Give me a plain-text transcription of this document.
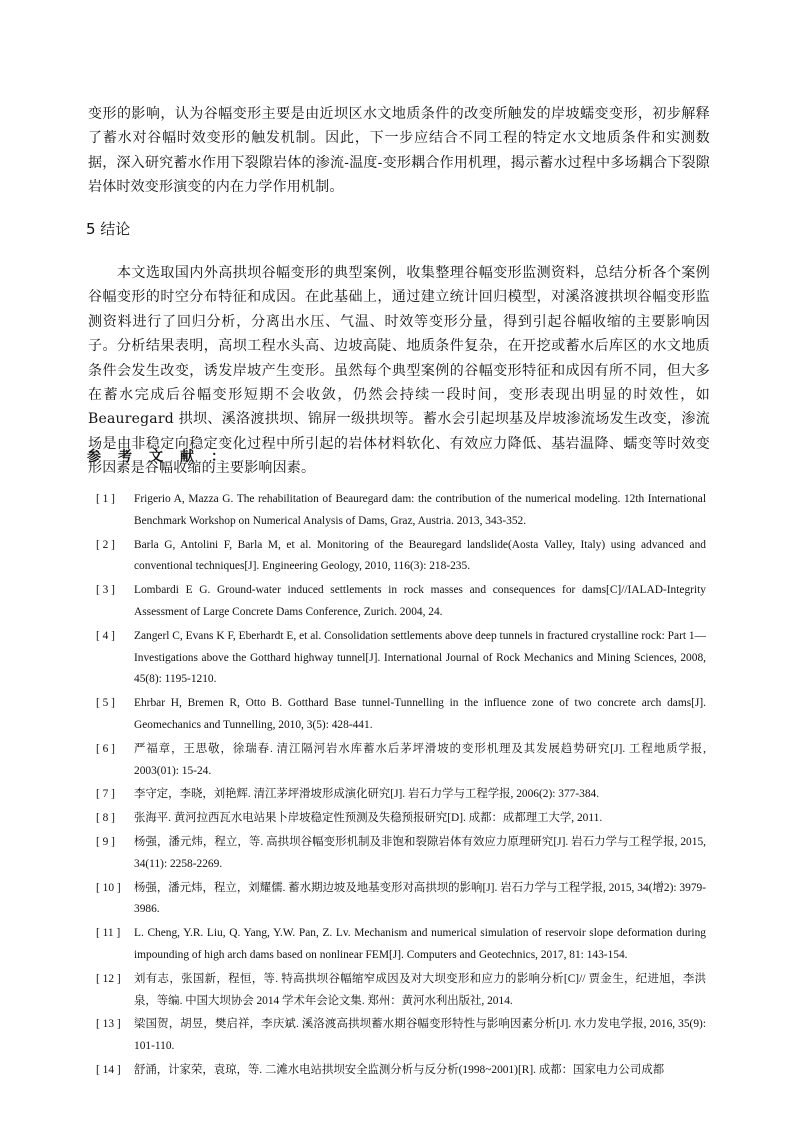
变形的影响，认为谷幅变形主要是由近坝区水文地质条件的改变所触发的岸坡蠕变变形，初步解释了蓄水对谷幅时效变形的触发机制。因此，下一步应结合不同工程的特定水文地质条件和实测数据，深入研究蓄水作用下裂隙岩体的渗流-温度-变形耦合作用机理，揭示蓄水过程中多场耦合下裂隙岩体时效变形演变的内在力学作用机制。

5 结论

本文选取国内外高拱坝谷幅变形的典型案例，收集整理谷幅变形监测资料，总结分析各个案例谷幅变形的时空分布特征和成因。在此基础上，通过建立统计回归模型，对溪洛渡拱坝谷幅变形监测资料进行了回归分析，分离出水压、气温、时效等变形分量，得到引起谷幅收缩的主要影响因子。分析结果表明，高坝工程水头高、边坡高陡、地质条件复杂，在开挖或蓄水后库区的水文地质条件会发生改变，诱发岸坡产生变形。虽然每个典型案例的谷幅变形特征和成因有所不同，但大多在蓄水完成后谷幅变形短期不会收敛，仍然会持续一段时间，变形表现出明显的时效性，如 Beauregard 拱坝、溪洛渡拱坝、锦屏一级拱坝等。蓄水会引起坝基及岸坡渗流场发生改变，渗流场是由非稳定向稳定变化过程中所引起的岩体材料软化、有效应力降低、基岩温降、蠕变等时效变形因素是谷幅收缩的主要影响因素。

参考文献：
[ 1 ]	Frigerio A, Mazza G. The rehabilitation of Beauregard dam: the contribution of the numerical modeling. 12th International Benchmark Workshop on Numerical Analysis of Dams, Graz, Austria. 2013, 343-352.
[ 2 ]	Barla G, Antolini F, Barla M, et al. Monitoring of the Beauregard landslide(Aosta Valley, Italy) using advanced and conventional techniques[J]. Engineering Geology, 2010, 116(3): 218-235.
[ 3 ]	Lombardi E G. Ground-water induced settlements in rock masses and consequences for dams[C]//IALAD-Integrity Assessment of Large Concrete Dams Conference, Zurich. 2004, 24.
[ 4 ]	Zangerl C, Evans K F, Eberhardt E, et al. Consolidation settlements above deep tunnels in fractured crystalline rock: Part 1—Investigations above the Gotthard highway tunnel[J]. International Journal of Rock Mechanics and Mining Sciences, 2008, 45(8): 1195-1210.
[ 5 ]	Ehrbar H, Bremen R, Otto B. Gotthard Base tunnel-Tunnelling in the influence zone of two concrete arch dams[J]. Geomechanics and Tunnelling, 2010, 3(5): 428-441.
[ 6 ]	严福章，王思敬，徐瑞春. 清江隔河岩水库蓄水后茅坪滑坡的变形机理及其发展趋势研究[J]. 工程地质学报, 2003(01): 15-24.
[ 7 ]	李守定，李晓，刘艳辉. 清江茅坪滑坡形成演化研究[J]. 岩石力学与工程学报, 2006(2): 377-384.
[ 8 ]	张海平. 黄河拉西瓦水电站果卜岸坡稳定性预测及失稳预报研究[D]. 成都：成都理工大学, 2011.
[ 9 ]	杨强，潘元炜，程立，等. 高拱坝谷幅变形机制及非饱和裂隙岩体有效应力原理研究[J]. 岩石力学与工程学报, 2015, 34(11): 2258-2269.
[ 10 ]	杨强，潘元炜，程立，刘耀儒. 蓄水期边坡及地基变形对高拱坝的影响[J]. 岩石力学与工程学报, 2015, 34(增2): 3979-3986.
[ 11 ]	L. Cheng, Y.R. Liu, Q. Yang, Y.W. Pan, Z. Lv. Mechanism and numerical simulation of reservoir slope deformation during impounding of high arch dams based on nonlinear FEM[J]. Computers and Geotechnics, 2017, 81: 143-154.
[ 12 ]	刘有志，张国新，程恒，等. 特高拱坝谷幅缩窄成因及对大坝变形和应力的影响分析[C]// 贾金生，纪进旭，李洪泉，等编. 中国大坝协会 2014 学术年会论文集. 郑州：黄河水利出版社, 2014.
[ 13 ]	梁国贺，胡昱，樊启祥，李庆斌. 溪洛渡高拱坝蓄水期谷幅变形特性与影响因素分析[J]. 水力发电学报, 2016, 35(9): 101-110.
[ 14 ]	舒涌，计家荣，袁琼，等. 二滩水电站拱坝安全监测分析与反分析(1998~2001)[R]. 成都：国家电力公司成都
